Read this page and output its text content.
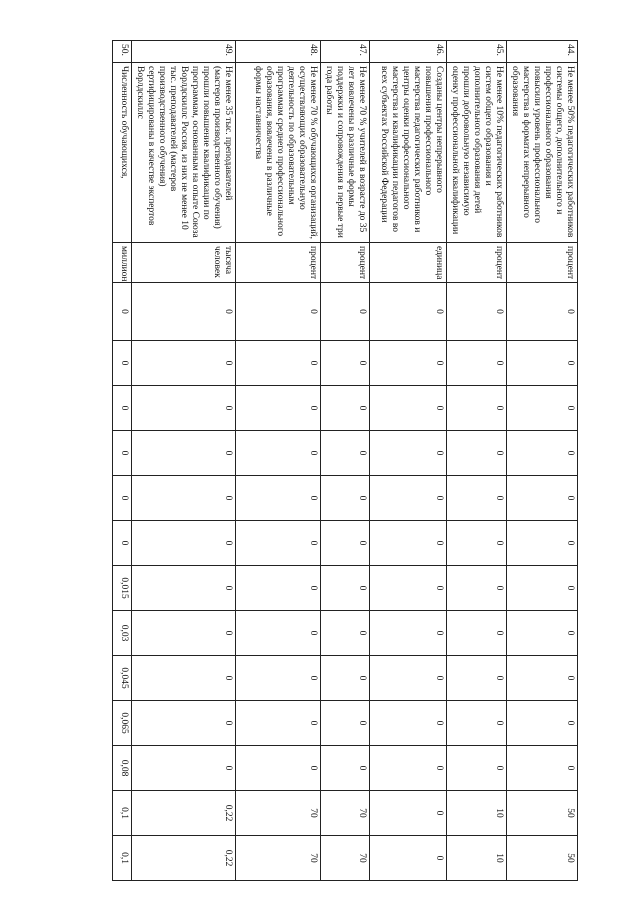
44.	Не менее 50% педагогических работников системы общего, дополнительного и профессионального образования повысили уровень профессионального мастерства в форматах непрерывного образования	процент	0	0	0	0	0	0	0	0	0	0	0	50	50
45.	Не менее 10% педагогических работников систем общего образования и дополнительного образования детей прошли добровольную независимую оценку профессиональной квалификации	процент	0	0	0	0	0	0	0	0	0	0	0	10	10
46.	Созданы центры непрерывного повышения профессионального мастерства педагогических работников и центры оценки профессионального мастерства и квалификации педагогов во всех субъектах Российской Федерации	единица	0	0	0	0	0	0	0	0	0	0	0	0	0
47.	Не менее 70 % учителей в возрасте до 35 лет вовлечены в различные формы поддержки и сопровождения в первые три года работы	процент	0	0	0	0	0	0	0	0	0	0	0	70	70
48.	Не менее 70 % обучающихся организаций, осуществляющих образовательную деятельность по образовательным программам среднего профессионального образования, вовлечены в различные формы наставничества	процент	0	0	0	0	0	0	0	0	0	0	0	70	70
49.	Не менее 35 тыс. преподавателей (мастеров производственного обучения) прошли повышение квалификации по программам, основанным на опыте Союза Ворлдскиллс Россия, из них не менее 10 тыс. преподавателей (мастеров производственного обучения) сертифицированы в качестве экспертов Ворлдскиллс	тысяча человек	0	0	0	0	0	0	0	0	0	0	0	0,22	0,22
50.	Численность обучающихся,	миллион	0	0	0	0	0	0	0,015	0,03	0,045	0,065	0,08	0,1	0,1
